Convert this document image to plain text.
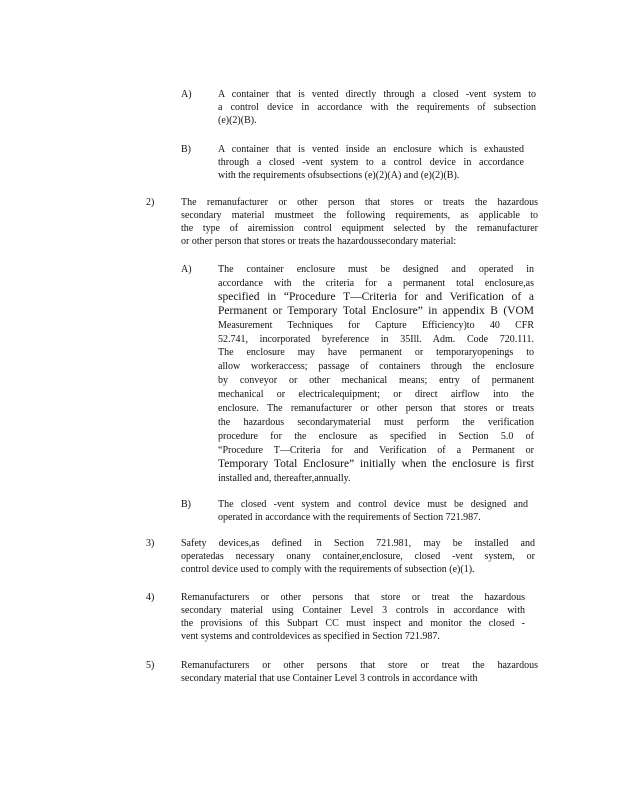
A)	A container that is vented directly through a closed -vent system to
a control device in accordance with the requirements of subsection
(e)(2)(B).
B)	A container that is vented inside an enclosure which is exhausted
through a closed -vent system to a control device in accordance
with the requirements ofsubsections (e)(2)(A) and (e)(2)(B).
2)	The remanufacturer or other person that stores or treats the hazardous
secondary material mustmeet the following requirements, as applicable to
the type of airemission control equipment selected by the remanufacturer
or other person that stores or treats the hazardoussecondary material:
A)	The container enclosure must be designed and operated in
accordance with the criteria for a permanent total enclosure,as
specified in “Procedure T—Criteria for and Verification of a
Permanent or Temporary Total Enclosure” in appendix B (VOM
Measurement Techniques for Capture Efficiency)to 40 CFR
52.741, incorporated byreference in 35Ill. Adm. Code 720.111.
The enclosure may have permanent or temporaryopenings to
allow workeraccess; passage of containers through the enclosure
by conveyor or other mechanical means; entry of permanent
mechanical or electricalequipment; or direct airflow into the
enclosure. The remanufacturer or other person that stores or treats
the hazardous secondarymaterial must perform the verification
procedure for the enclosure as specified in Section 5.0 of
“Procedure T—Criteria for and Verification of a Permanent or
Temporary Total Enclosure” initially when the enclosure is first
installed and, thereafter,annually.
B)	The closed -vent system and control device must be designed and
operated in accordance with the requirements of Section 721.987.
3)	Safety devices,as defined in Section 721.981, may be installed and
operatedas necessary onany container,enclosure, closed -vent system, or
control device used to comply with the requirements of subsection (e)(1).
4)	Remanufacturers or other persons that store or treat the hazardous
secondary material using Container Level 3 controls in accordance with
the provisions of this Subpart CC must inspect and monitor the closed -
vent systems and controldevices as specified in Section 721.987.
5)	Remanufacturers or other persons that store or treat the hazardous
secondary material that use Container Level 3 controls in accordance with
